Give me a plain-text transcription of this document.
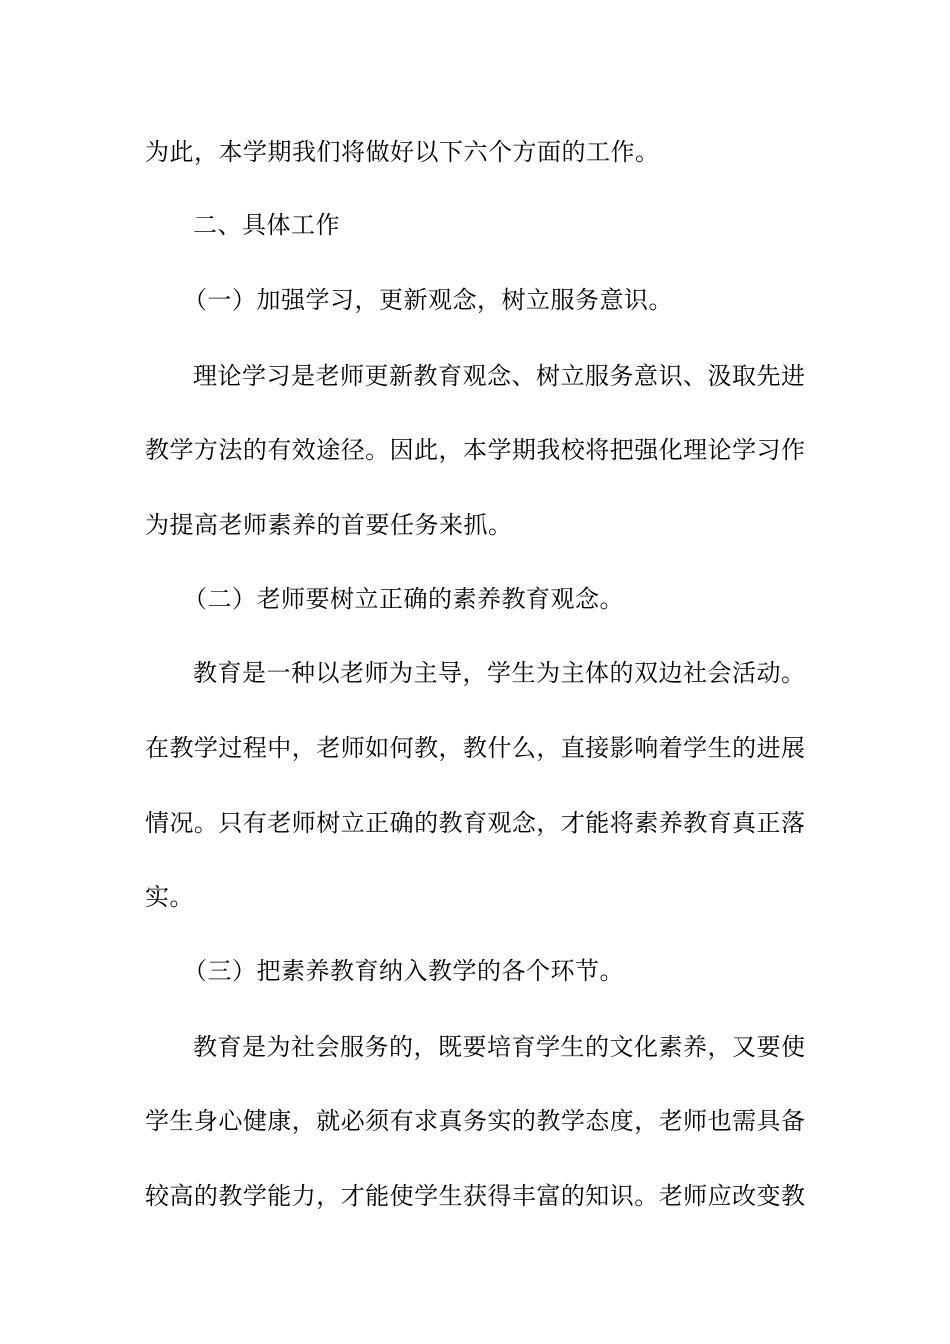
为此，本学期我们将做好以下六个方面的工作。
二、具体工作
（一）加强学习，更新观念，树立服务意识。
理论学习是老师更新教育观念、树立服务意识、汲取先进
教学方法的有效途径。因此，本学期我校将把强化理论学习作
为提高老师素养的首要任务来抓。
（二）老师要树立正确的素养教育观念。
教育是一种以老师为主导，学生为主体的双边社会活动。
在教学过程中，老师如何教，教什么，直接影响着学生的进展
情况。只有老师树立正确的教育观念，才能将素养教育真正落
实。
（三）把素养教育纳入教学的各个环节。
教育是为社会服务的，既要培育学生的文化素养，又要使
学生身心健康，就必须有求真务实的教学态度，老师也需具备
较高的教学能力，才能使学生获得丰富的知识。老师应改变教
